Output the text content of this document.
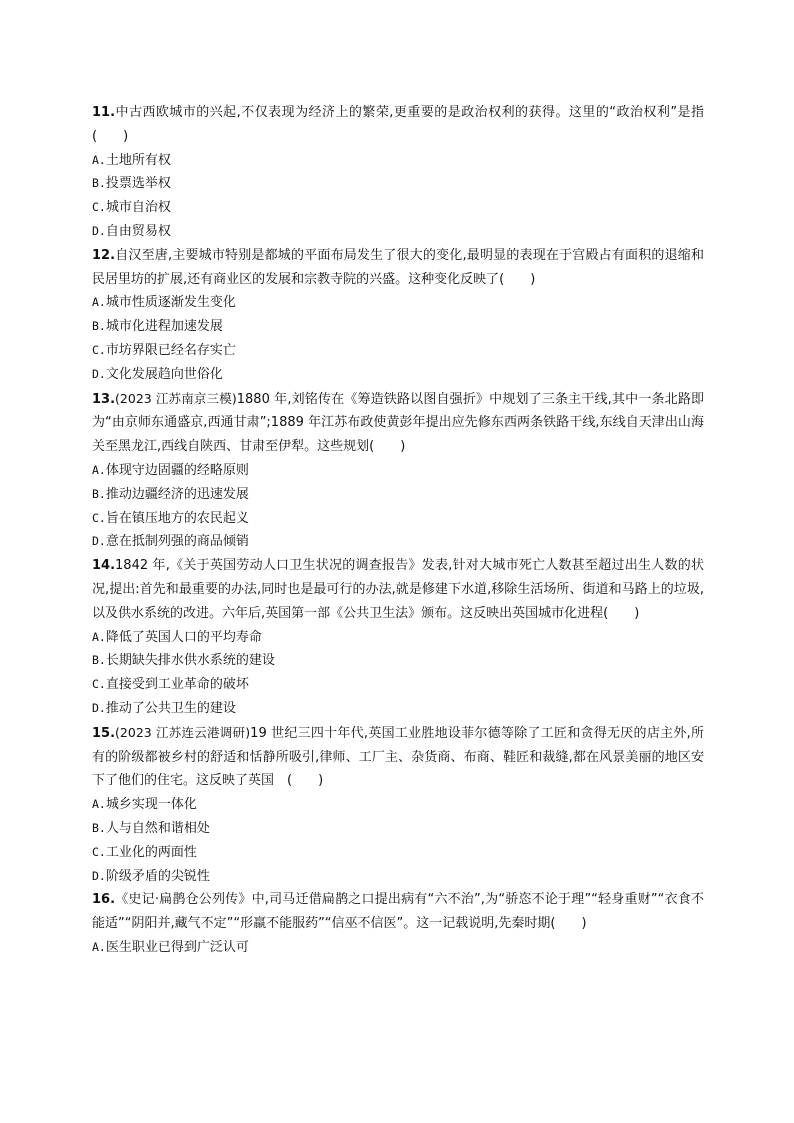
11.中古西欧城市的兴起,不仅表现为经济上的繁荣,更重要的是政治权利的获得。这里的“政治权利”是指(　　)

A.土地所有权

B.投票选举权

C.城市自治权

D.自由贸易权

12.自汉至唐,主要城市特别是都城的平面布局发生了很大的变化,最明显的表现在于宫殿占有面积的退缩和民居里坊的扩展,还有商业区的发展和宗教寺院的兴盛。这种变化反映了(　　)

A.城市性质逐渐发生变化

B.城市化进程加速发展

C.市坊界限已经名存实亡

D.文化发展趋向世俗化

13.(2023 江苏南京三模)1880 年,刘铭传在《筹造铁路以图自强折》中规划了三条主干线,其中一条北路即为“由京师东通盛京,西通甘肃”;1889 年江苏布政使黄彭年提出应先修东西两条铁路干线,东线自天津出山海关至黑龙江,西线自陕西、甘肃至伊犁。这些规划(　　)

A.体现守边固疆的经略原则

B.推动边疆经济的迅速发展

C.旨在镇压地方的农民起义

D.意在抵制列强的商品倾销

14.1842 年,《关于英国劳动人口卫生状况的调查报告》发表,针对大城市死亡人数甚至超过出生人数的状况,提出:首先和最重要的办法,同时也是最可行的办法,就是修建下水道,移除生活场所、街道和马路上的垃圾,以及供水系统的改进。六年后,英国第一部《公共卫生法》颁布。这反映出英国城市化进程(　　)

A.降低了英国人口的平均寿命

B.长期缺失排水供水系统的建设

C.直接受到工业革命的破坏

D.推动了公共卫生的建设

15.(2023 江苏连云港调研)19 世纪三四十年代,英国工业胜地设菲尔德等除了工匠和贪得无厌的店主外,所有的阶级都被乡村的舒适和恬静所吸引,律师、工厂主、杂货商、布商、鞋匠和裁缝,都在风景美丽的地区安下了他们的住宅。这反映了英国　(　　)

A.城乡实现一体化

B.人与自然和谐相处

C.工业化的两面性

D.阶级矛盾的尖锐性

16.《史记·扁鹊仓公列传》中,司马迁借扁鹊之口提出病有“六不治”,为“骄恣不论于理”“轻身重财”“衣食不能适”“阴阳并,藏气不定”“形羸不能服药”“信巫不信医”。这一记载说明,先秦时期(　　)

A.医生职业已得到广泛认可
